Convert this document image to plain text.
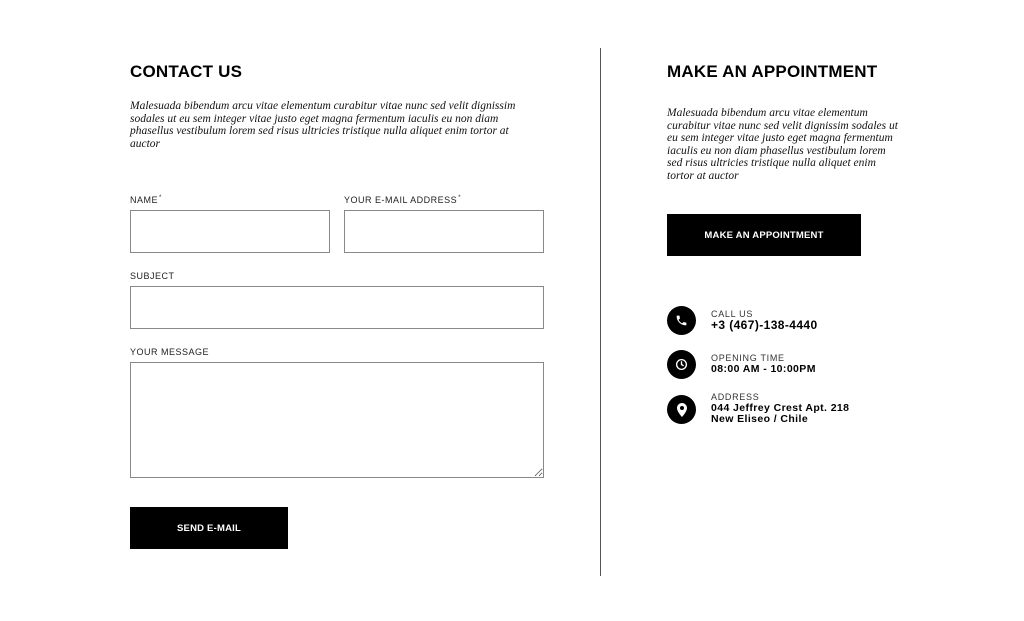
CONTACT US

Malesuada bibendum arcu vitae elementum curabitur vitae nunc sed velit dignissim sodales ut eu sem integer vitae justo eget magna fermentum iaculis eu non diam phasellus vestibulum lorem sed risus ultricies tristique nulla aliquet enim tortor at auctor

NAME*	YOUR E-MAIL ADDRESS*
SUBJECT
YOUR MESSAGE
SEND E-MAIL
MAKE AN APPOINTMENT

Malesuada bibendum arcu vitae elementum curabitur vitae nunc sed velit dignissim sodales ut eu sem integer vitae justo eget magna fermentum iaculis eu non diam phasellus vestibulum lorem sed risus ultricies tristique nulla aliquet enim tortor at auctor

MAKE AN APPOINTMENT
CALL US
+3 (467)-138-4440
OPENING TIME
08:00 AM - 10:00PM
ADDRESS
044 Jeffrey Crest Apt. 218
New Eliseo / Chile
